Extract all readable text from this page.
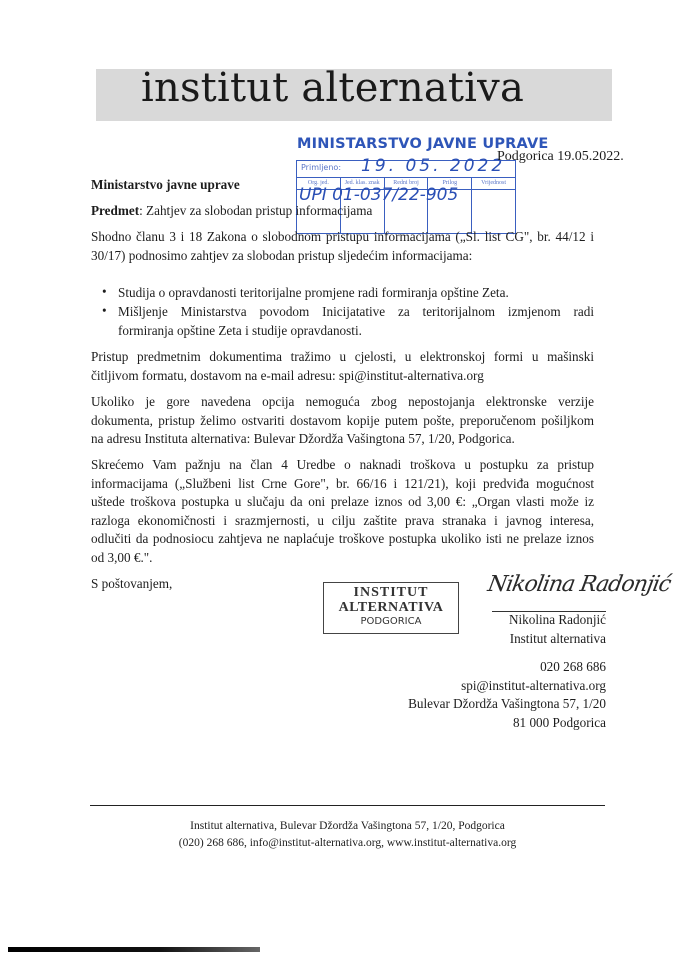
institut alternativa
MINISTARSTVO JAVNE UPRAVE
Primljeno: 19. 05. 2022
Org. jed.	Jed. klas. znak	Redni broj	Prilog	Vrijednost
UPI 01-037/22-905
Podgorica 19.05.2022.
Ministarstvo javne uprave
Predmet: Zahtjev za slobodan pristup informacijama
Shodno članu 3 i 18 Zakona o slobodnom pristupu informacijama („Sl. list CG", br. 44/12 i
30/17) podnosimo zahtjev za slobodan pristup sljedećim informacijama:
• Studija o opravdanosti teritorijalne promjene radi formiranja opštine Zeta.
• Mišljenje Ministarstva povodom Inicijatative za teritorijalnom izmjenom radi
formiranja opštine Zeta i studije opravdanosti.
Pristup predmetnim dokumentima tražimo u cjelosti, u elektronskoj formi u mašinski
čitljivom formatu, dostavom na e-mail adresu: spi@institut-alternativa.org
Ukoliko je gore navedena opcija nemoguća zbog nepostojanja elektronske verzije
dokumenta, pristup želimo ostvariti dostavom kopije putem pošte, preporučenom pošiljkom
na adresu Instituta alternativa: Bulevar Džordža Vašingtona 57, 1/20, Podgorica.
Skrećemo Vam pažnju na član 4 Uredbe o naknadi troškova u postupku za pristup
informacijama („Službeni list Crne Gore", br. 66/16 i 121/21), koji predviđa mogućnost
uštede troškova postupka u slučaju da oni prelaze iznos od 3,00 €: „Organ vlasti može iz
razloga ekonomičnosti i srazmjernosti, u cilju zaštite prava stranaka i javnog interesa,
odlučiti da podnosiocu zahtjeva ne naplaćuje troškove postupka ukoliko isti ne prelaze iznos
od 3,00 €.".
S poštovanjem,
INSTITUT
ALTERNATIVA
PODGORICA
Nikolina Radonjić
Nikolina Radonjić
Institut alternativa
020 268 686
spi@institut-alternativa.org
Bulevar Džordža Vašingtona 57, 1/20
81 000 Podgorica
Institut alternativa, Bulevar Džordža Vašingtona 57, 1/20, Podgorica
(020) 268 686, info@institut-alternativa.org, www.institut-alternativa.org
